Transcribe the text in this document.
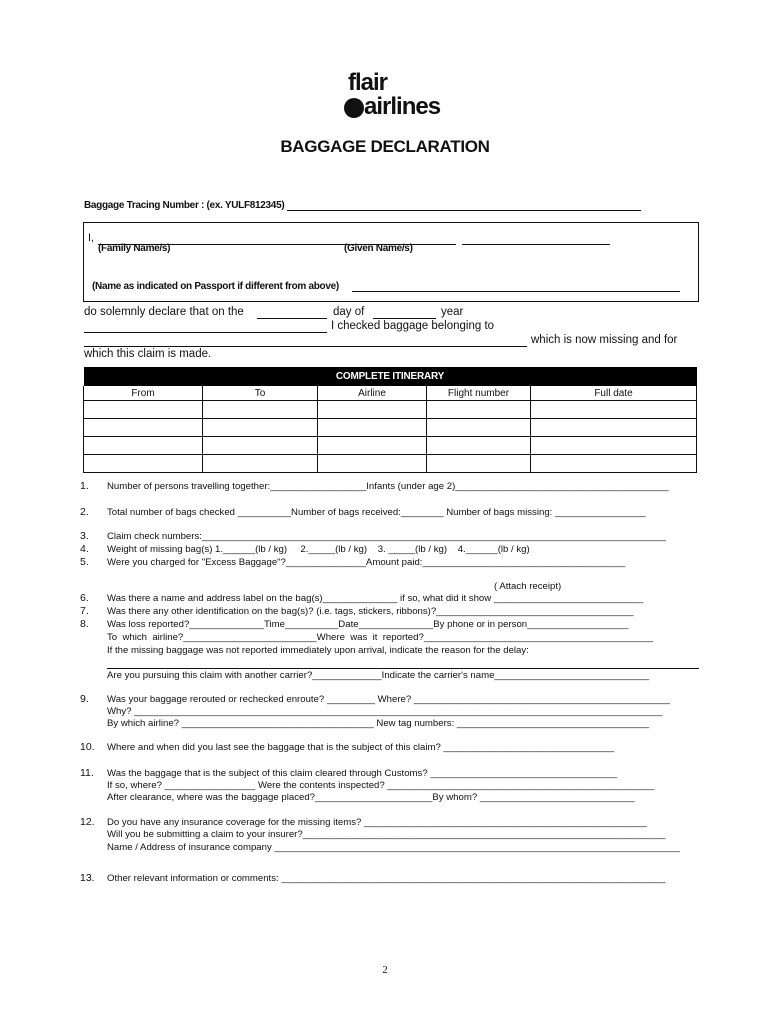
flair
airlines
BAGGAGE DECLARATION
Baggage Tracing Number : (ex. YULF812345)
I,
(Family Name/s)	(Given Name/s)
(Name as indicated on Passport if different from above)
do solemnly declare that on the	day of	year
I checked baggage belonging to
which is now missing and for
which this claim is made.
COMPLETE ITINERARY				
From	To	Airline	Flight number	Full date

1. Number of persons travelling together:__________________Infants (under age 2)________________________________________
2. Total number of bags checked __________Number of bags received:________ Number of bags missing: _________________
3. Claim check numbers:_______________________________________________________________________________________
4. Weight of missing bag(s) 1.______(lb / kg)     2._____(lb / kg)    3. _____(lb / kg)    4.______(lb / kg)
5. Were you charged for "Excess Baggage"?_______________Amount paid:______________________________________
( Attach receipt)
6. Was there a name and address label on the bag(s)______________ if so, what did it show ____________________________
7. Was there any other identification on the bag(s)? (i.e. tags, stickers, ribbons)?_____________________________________
8. Was loss reported?______________Time__________Date______________By phone or in person___________________
To  which  airline?_________________________Where  was  it  reported?___________________________________________
If the missing baggage was not reported immediately upon arrival, indicate the reason for the delay:
Are you pursuing this claim with another carrier?_____________Indicate the carrier's name_____________________________
9. Was your baggage rerouted or rechecked enroute? _________ Where? ________________________________________________
Why? ___________________________________________________________________________________________________
By which airline? ____________________________________ New tag numbers: ____________________________________
10. Where and when did you last see the baggage that is the subject of this claim? ________________________________
11. Was the baggage that is the subject of this claim cleared through Customs? ___________________________________
If so, where? _________________ Were the contents inspected? __________________________________________________
After clearance, where was the baggage placed?______________________By whom? _____________________________
12. Do you have any insurance coverage for the missing items? _____________________________________________________
Will you be submitting a claim to your insurer?____________________________________________________________________
Name / Address of insurance company ____________________________________________________________________________
13. Other relevant information or comments: ________________________________________________________________________
2
